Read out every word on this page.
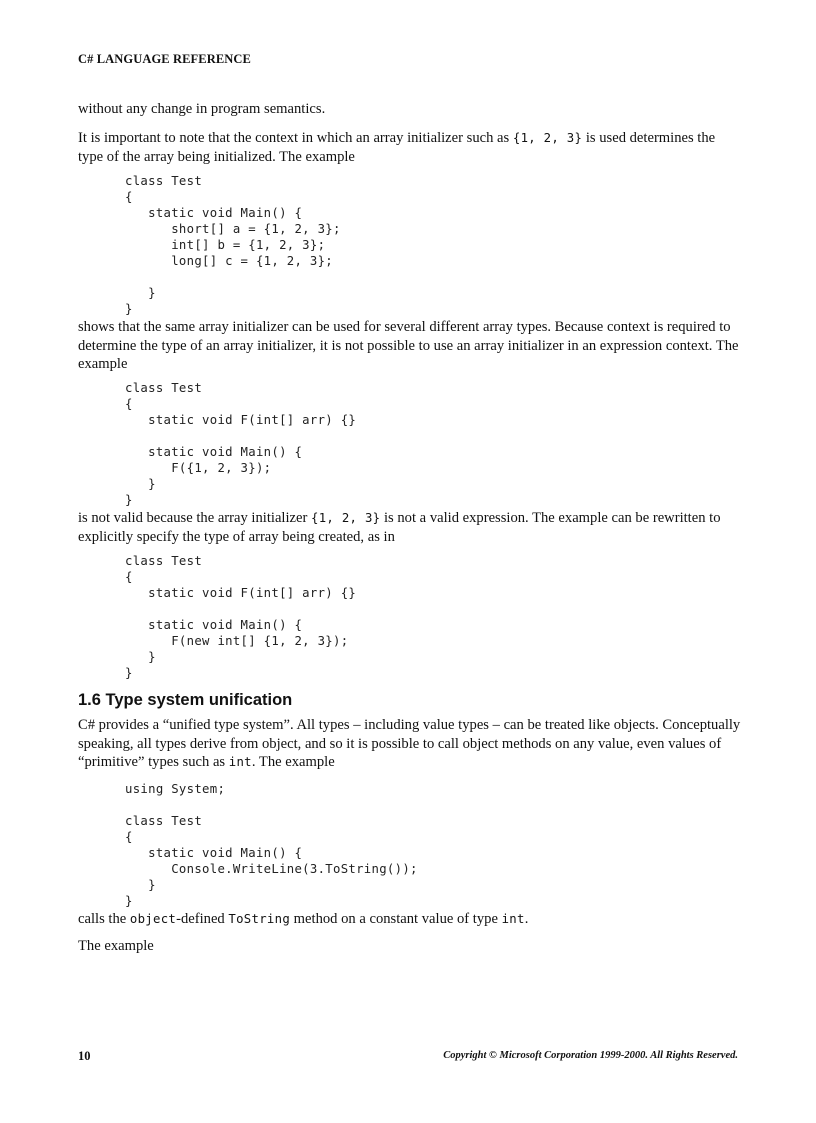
C# LANGUAGE REFERENCE

without any change in program semantics.

It is important to note that the context in which an array initializer such as {1, 2, 3} is used determines the type of the array being initialized. The example

class Test
{
static void Main() {
short[] a = {1, 2, 3};
int[] b = {1, 2, 3};
long[] c = {1, 2, 3};

}
}

shows that the same array initializer can be used for several different array types. Because context is required to determine the type of an array initializer, it is not possible to use an array initializer in an expression context. The example

class Test
{
static void F(int[] arr) {}

static void Main() {
F({1, 2, 3});
}
}

is not valid because the array initializer {1, 2, 3} is not a valid expression. The example can be rewritten to explicitly specify the type of array being created, as in

class Test
{
static void F(int[] arr) {}

static void Main() {
F(new int[] {1, 2, 3});
}
}
1.6 Type system unification

C# provides a “unified type system”. All types – including value types – can be treated like objects. Conceptually speaking, all types derive from object, and so it is possible to call object methods on any value, even values of “primitive” types such as int. The example

using System;

class Test
{
static void Main() {
Console.WriteLine(3.ToString());
}
}

calls the object-defined ToString method on a constant value of type int.

The example

10	Copyright © Microsoft Corporation 1999-2000. All Rights Reserved.
